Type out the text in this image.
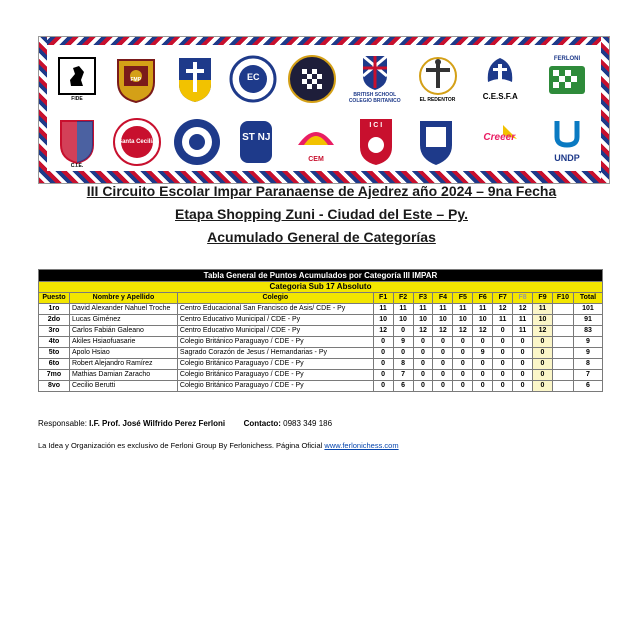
FIDE
FMP	EC
BRITISH SCHOOL COLEGIO BRITANICO	EL REDENTOR	C.E.S.F.A
FERLONI
C.I.E.
Santa Cecilia	ST NJ
CEM
I C I
Creeer
UNDP
III Circuito Escolar Impar Paranaense de Ajedrez año 2024 – 9na Fecha
Etapa Shopping Zuni - Ciudad del Este – Py.
Acumulado General de Categorías
Tabla General de Puntos Acumulados por Categoría III IMPAR													
Categoria Sub 17 Absoluto													
Puesto	Nombre y Apellido	Colegio	F1	F2	F3	F4	F5	F6	F7	F8	F9	F10	Total
1ro	David Alexander Nahuel Troche	Centro Educacional San Francisco de Asis/ CDE - Py	11	11	11	11	11	11	12	12	11		101
2do	Lucas Giménez	Centro Educativo Municipal / CDE - Py	10	10	10	10	10	10	11	11	10		91
3ro	Carlos Fabián Galeano	Centro Educativo Municipal / CDE - Py	12	0	12	12	12	12	0	11	12		83
4to	Akiles Hsiaofuasarie	Colegio Británico Paraguayo / CDE - Py	0	9	0	0	0	0	0	0	0		9
5to	Apolo Hsiao	Sagrado Corazón de Jesus / Hernandarias - Py	0	0	0	0	0	9	0	0	0		9
6to	Robert Alejandro Ramírez	Colegio Británico Paraguayo / CDE - Py	0	8	0	0	0	0	0	0	0		8
7mo	Mathias Damian Zaracho	Colegio Británico Paraguayo / CDE - Py	0	7	0	0	0	0	0	0	0		7
8vo	Cecilio Berutti	Colegio Británico Paraguayo / CDE - Py	0	6	0	0	0	0	0	0	0		6
Responsable: I.F. Prof. José Wilfrido Perez Ferloni Contacto: 0983 349 186
La Idea y Organización es exclusivo de Ferloni Group By Ferlonichess. Página Oficial www.ferlonichess.com
